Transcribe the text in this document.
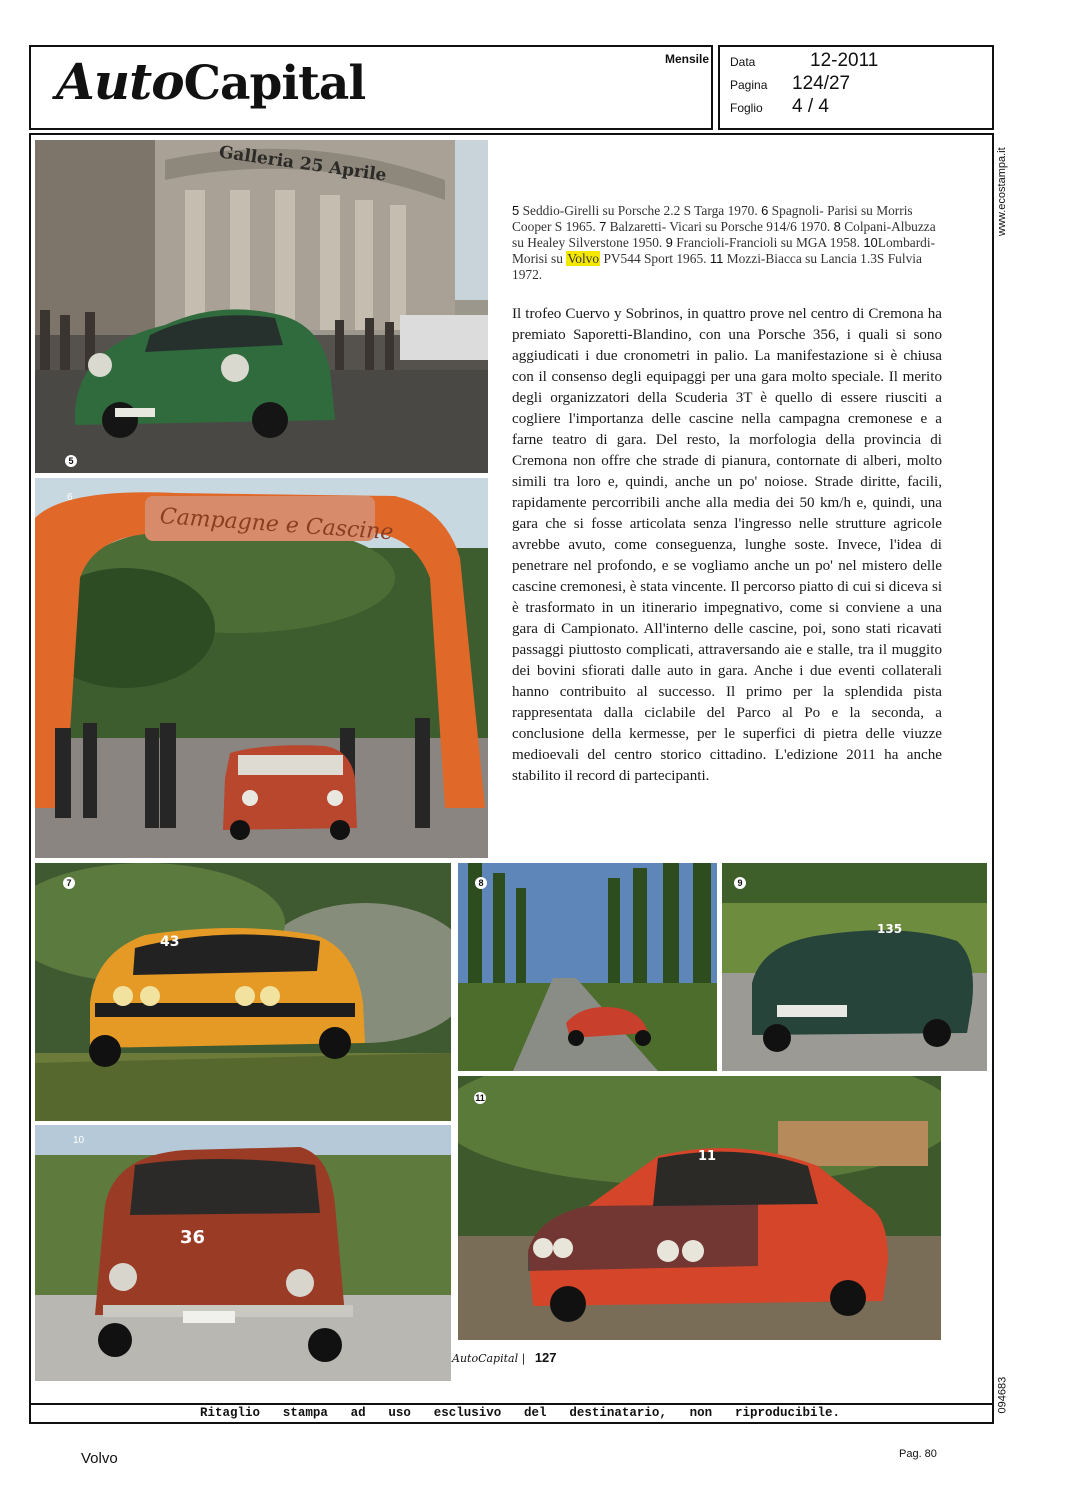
AutoCapital	Mensile Data	12-2011
Pagina 124/27
Foglio 4 / 4
www.ecostampa.it
094683
Galleria 25 Aprile
5
Campagne e Cascine
6
5 Seddio-Girelli su Porsche 2.2 S Targa 1970. 6 Spagnoli- Parisi su Morris Cooper S 1965. 7 Balzaretti- Vicari su Porsche 914/6 1970. 8 Colpani-Albuzza su Healey Silverstone 1950. 9 Francioli-Francioli su MGA 1958. 10Lombardi-Morisi su Volvo PV544 Sport 1965. 11 Mozzi-Biacca su Lancia 1.3S Fulvia 1972.
Il trofeo Cuervo y Sobrinos, in quattro prove nel centro di Cremona ha premiato Saporetti-Blandino, con una Porsche 356, i quali si sono aggiudicati i due cronometri in palio. La manifestazione si è chiusa con il consenso degli equipaggi per una gara molto speciale. Il merito degli organizzatori della Scuderia 3T è quello di essere riusciti a cogliere l'importanza delle cascine nella campagna cremonese e a farne teatro di gara. Del resto, la morfologia della provincia di Cremona non offre che strade di pianura, contornate di alberi, molto simili tra loro e, quindi, anche un po' noiose. Strade diritte, facili, rapidamente percorribili anche alla media dei 50 km/h e, quindi, una gara che si fosse articolata senza l'ingresso nelle strutture agricole avrebbe avuto, come conseguenza, lunghe soste. Invece, l'idea di penetrare nel profondo, e se vogliamo anche un po' nel mistero delle cascine cremonesi, è stata vincente. Il percorso piatto di cui si diceva si è trasformato in un itinerario impegnativo, come si conviene a una gara di Campionato. All'interno delle cascine, poi, sono stati ricavati passaggi piuttosto complicati, attraversando aie e stalle, tra il muggito dei bovini sfiorati dalle auto in gara. Anche i due eventi collaterali hanno contribuito al successo. Il primo per la splendida pista rappresentata dalla ciclabile del Parco al Po e la seconda, a conclusione della kermesse, per le superfici di pietra delle viuzze medioevali del centro storico cittadino. L'edizione 2011 ha anche stabilito il record di partecipanti.
43
7	8
135
9
36
10
11
11
AutoCapital | 127
Ritaglio stampa ad uso esclusivo del destinatario, non riproducibile.
Volvo	Pag. 80
